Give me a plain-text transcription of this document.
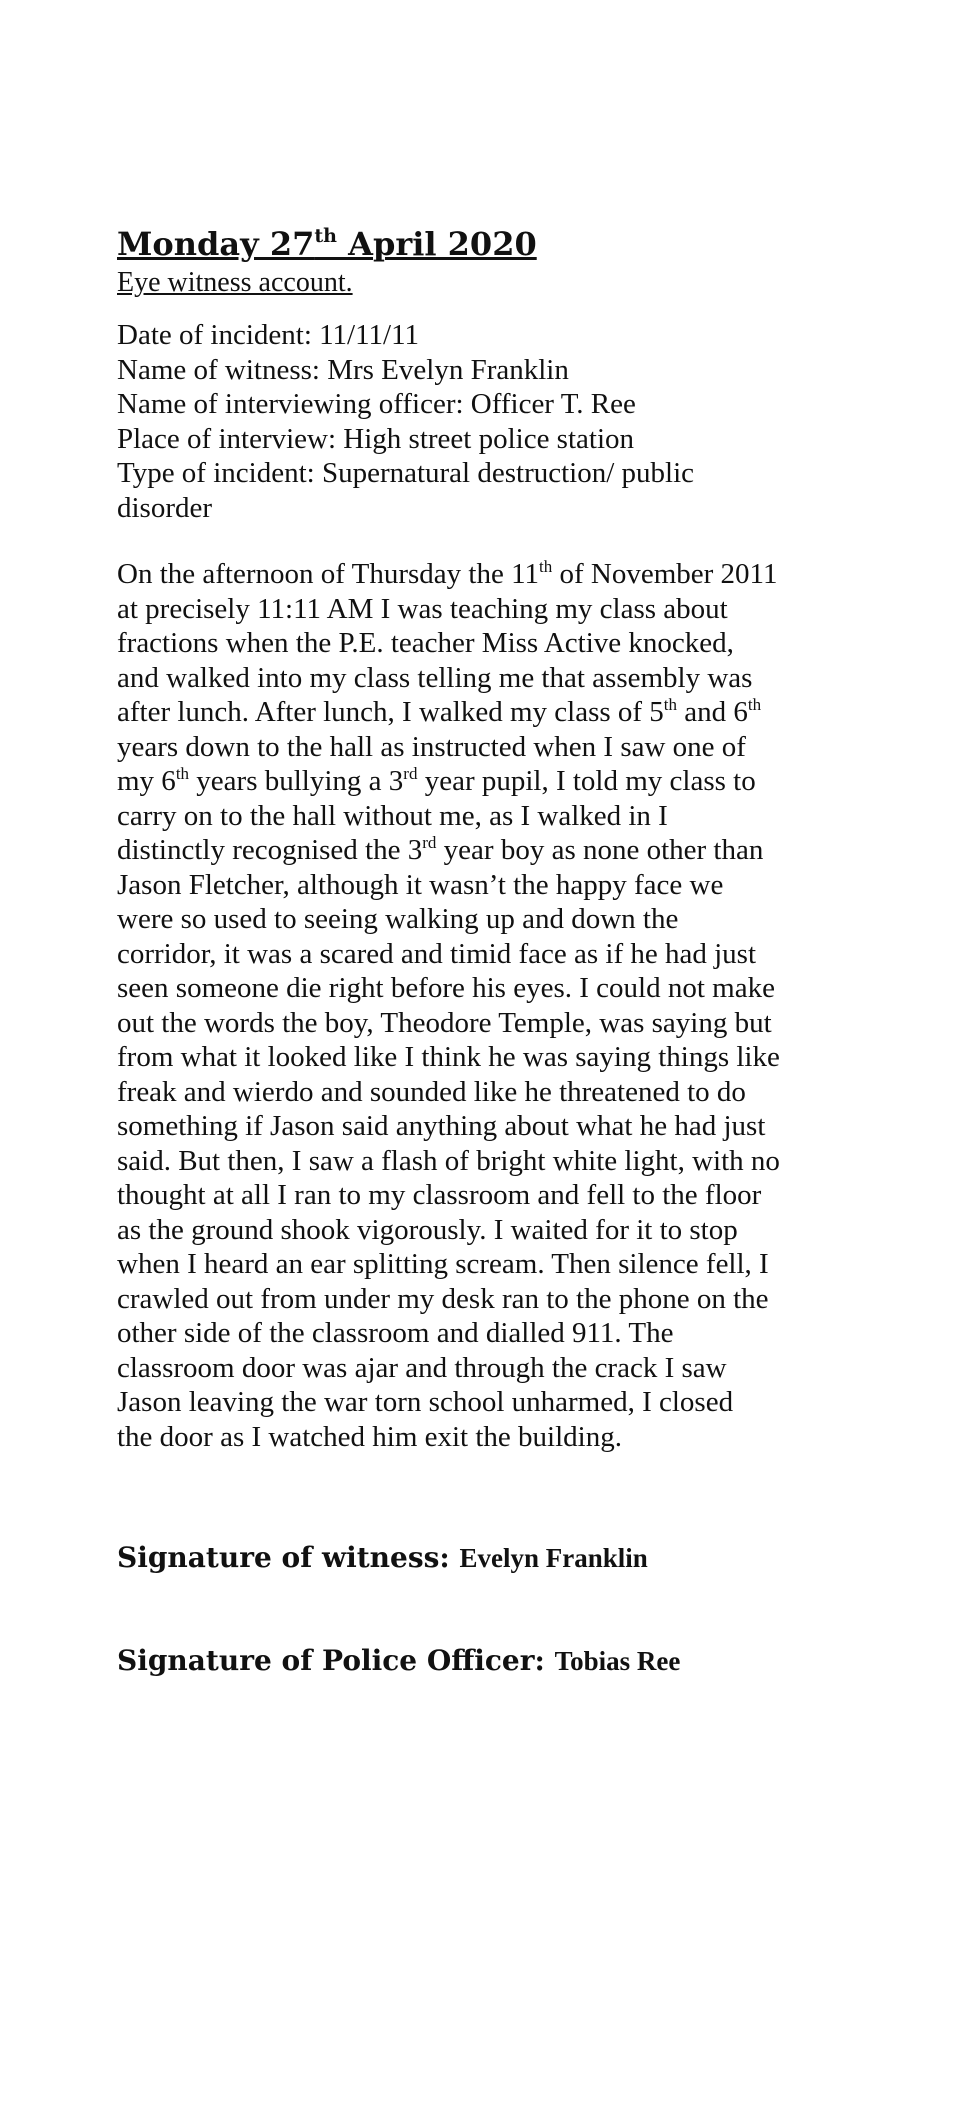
Monday 27th April 2020

Eye witness account.

Date of incident: 11/11/11
Name of witness: Mrs Evelyn Franklin
Name of interviewing officer: Officer T. Ree
Place of interview: High street police station
Type of incident: Supernatural destruction/ public
disorder
On the afternoon of Thursday the 11th of November 2011
at precisely 11:11 AM I was teaching my class about
fractions when the P.E. teacher Miss Active knocked,
and walked into my class telling me that assembly was
after lunch. After lunch, I walked my class of 5th and 6th
years down to the hall as instructed when I saw one of
my 6th years bullying a 3rd year pupil, I told my class to
carry on to the hall without me, as I walked in I
distinctly recognised the 3rd year boy as none other than
Jason Fletcher, although it wasn’t the happy face we
were so used to seeing walking up and down the
corridor, it was a scared and timid face as if he had just
seen someone die right before his eyes. I could not make
out the words the boy, Theodore Temple, was saying but
from what it looked like I think he was saying things like
freak and wierdo and sounded like he threatened to do
something if Jason said anything about what he had just
said. But then, I saw a flash of bright white light, with no
thought at all I ran to my classroom and fell to the floor
as the ground shook vigorously. I waited for it to stop
when I heard an ear splitting scream. Then silence fell, I
crawled out from under my desk ran to the phone on the
other side of the classroom and dialled 911. The
classroom door was ajar and through the crack I saw
Jason leaving the war torn school unharmed, I closed
the door as I watched him exit the building.
Signature of witness: Evelyn Franklin
Signature of Police Officer: Tobias Ree
